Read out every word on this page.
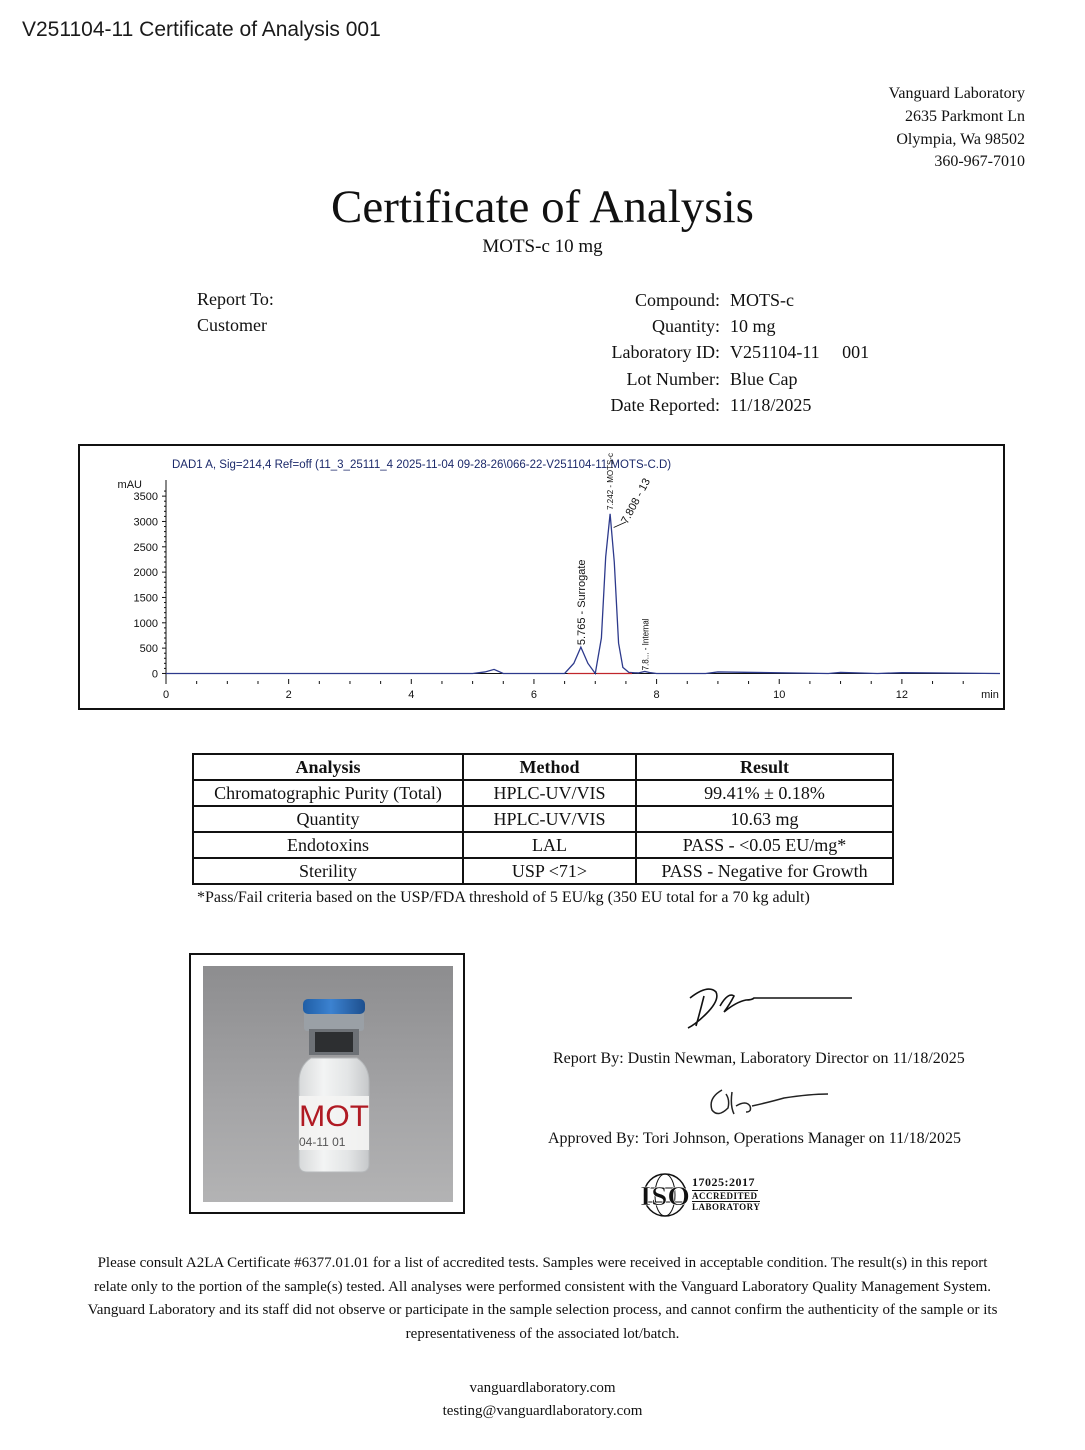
V251104-11 Certificate of Analysis 001
Vanguard Laboratory
2635 Parkmont Ln
Olympia, Wa 98502
360-967-7010
Certificate of Analysis
MOTS-c 10 mg
Report To:
Customer
Compound: MOTS-c
Quantity: 10 mg
Laboratory ID: V251104-11     001
Lot Number: Blue Cap
Date Reported: 11/18/2025
DAD1 A, Sig=214,4 Ref=off (11_3_25111_4 2025-11-04 09-28-26\066-22-V251104-11 MOTS-C.D)
mAU
0
500
1000
1500
2000
2500
3000
3500
0	2	4	6	8	10	12	min
5.765 - Surrogate
7.242 - MOTS-c 7.808 - 13
7.8... - Internal
Analysis	Method	Result
Chromatographic Purity (Total)	HPLC-UV/VIS	99.41% ± 0.18%
Quantity	HPLC-UV/VIS	10.63 mg
Endotoxins	LAL	PASS - <0.05 EU/mg*
Sterility	USP <71>	PASS - Negative for Growth
*Pass/Fail criteria based on the USP/FDA threshold of 5 EU/kg (350 EU total for a 70 kg adult)
MOT
04-11 01
Report By: Dustin Newman, Laboratory Director on 11/18/2025
Approved By: Tori Johnson, Operations Manager on 11/18/2025
ISO 17025:2017
ACCREDITED
LABORATORY
Please consult A2LA Certificate #6377.01.01 for a list of accredited tests. Samples were received in acceptable condition. The result(s) in this report relate only to the portion of the sample(s) tested. All analyses were performed consistent with the Vanguard Laboratory Quality Management System. Vanguard Laboratory and its staff did not observe or participate in the sample selection process, and cannot confirm the authenticity of the sample or its representativeness of the associated lot/batch.
vanguardlaboratory.com
testing@vanguardlaboratory.com
